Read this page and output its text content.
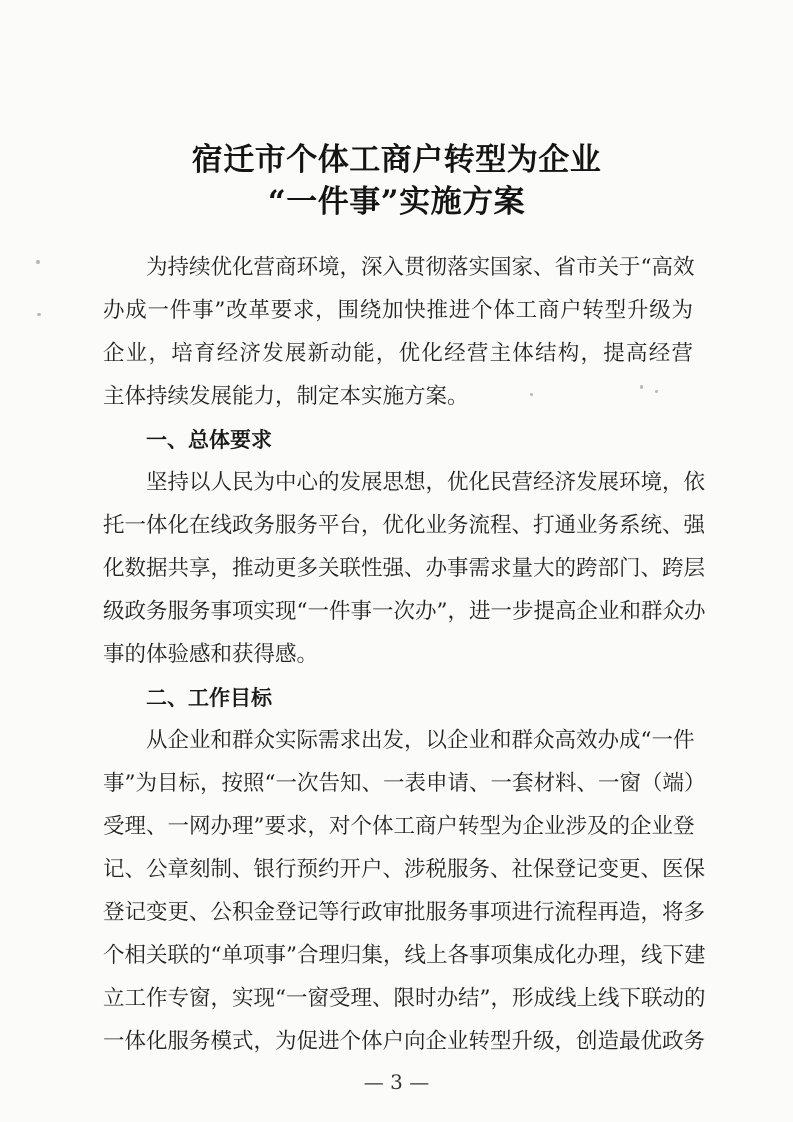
宿迁市个体工商户转型为企业
“一件事”实施方案
为持续优化营商环境，深入贯彻落实国家、省市关于“高效
办成一件事”改革要求，围绕加快推进个体工商户转型升级为
企业，培育经济发展新动能，优化经营主体结构，提高经营
主体持续发展能力，制定本实施方案。
一、总体要求
坚持以人民为中心的发展思想，优化民营经济发展环境，依
托一体化在线政务服务平台，优化业务流程、打通业务系统、强
化数据共享，推动更多关联性强、办事需求量大的跨部门、跨层
级政务服务事项实现“一件事一次办”，进一步提高企业和群众办
事的体验感和获得感。
二、工作目标
从企业和群众实际需求出发，以企业和群众高效办成“一件
事”为目标，按照“一次告知、一表申请、一套材料、一窗（端）
受理、一网办理”要求，对个体工商户转型为企业涉及的企业登
记、公章刻制、银行预约开户、涉税服务、社保登记变更、医保
登记变更、公积金登记等行政审批服务事项进行流程再造，将多
个相关联的“单项事”合理归集，线上各事项集成化办理，线下建
立工作专窗，实现“一窗受理、限时办结”，形成线上线下联动的
一体化服务模式，为促进个体户向企业转型升级，创造最优政务
— 3 —
